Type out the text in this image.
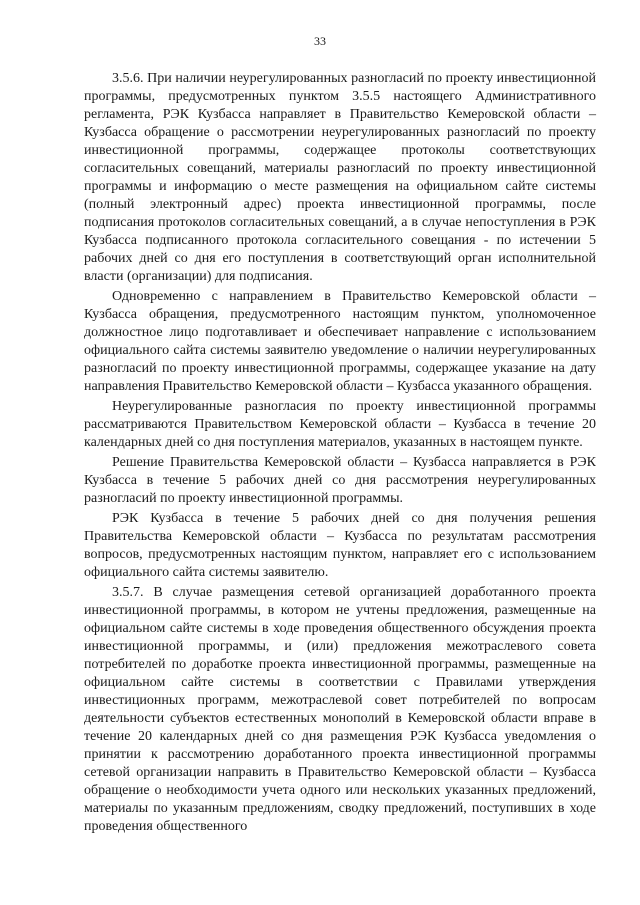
33

3.5.6. При наличии неурегулированных разногласий по проекту инвестиционной программы, предусмотренных пунктом 3.5.5 настоящего Административного регламента, РЭК Кузбасса направляет в Правительство Кемеровской области – Кузбасса обращение о рассмотрении неурегулированных разногласий по проекту инвестиционной программы, содержащее протоколы соответствующих согласительных совещаний, материалы разногласий по проекту инвестиционной программы и информацию о месте размещения на официальном сайте системы (полный электронный адрес) проекта инвестиционной программы, после подписания протоколов согласительных совещаний, а в случае непоступления в РЭК Кузбасса подписанного протокола согласительного совещания - по истечении 5 рабочих дней со дня его поступления в соответствующий орган исполнительной власти (организации) для подписания.

Одновременно с направлением в Правительство Кемеровской области – Кузбасса обращения, предусмотренного настоящим пунктом, уполномоченное должностное лицо подготавливает и обеспечивает направление с использованием официального сайта системы заявителю уведомление о наличии неурегулированных разногласий по проекту инвестиционной программы, содержащее указание на дату направления Правительство Кемеровской области – Кузбасса указанного обращения.

Неурегулированные разногласия по проекту инвестиционной программы рассматриваются Правительством Кемеровской области – Кузбасса в течение 20 календарных дней со дня поступления материалов, указанных в настоящем пункте.

Решение Правительства Кемеровской области – Кузбасса направляется в РЭК Кузбасса в течение 5 рабочих дней со дня рассмотрения неурегулированных разногласий по проекту инвестиционной программы.

РЭК Кузбасса в течение 5 рабочих дней со дня получения решения Правительства Кемеровской области – Кузбасса по результатам рассмотрения вопросов, предусмотренных настоящим пунктом, направляет его с использованием официального сайта системы заявителю.

3.5.7. В случае размещения сетевой организацией доработанного проекта инвестиционной программы, в котором не учтены предложения, размещенные на официальном сайте системы в ходе проведения общественного обсуждения проекта инвестиционной программы, и (или) предложения межотраслевого совета потребителей по доработке проекта инвестиционной программы, размещенные на официальном сайте системы в соответствии с Правилами утверждения инвестиционных программ, межотраслевой совет потребителей по вопросам деятельности субъектов естественных монополий в Кемеровской области вправе в течение 20 календарных дней со дня размещения РЭК Кузбасса уведомления о принятии к рассмотрению доработанного проекта инвестиционной программы сетевой организации направить в Правительство Кемеровской области – Кузбасса обращение о необходимости учета одного или нескольких указанных предложений, материалы по указанным предложениям, сводку предложений, поступивших в ходе проведения общественного
